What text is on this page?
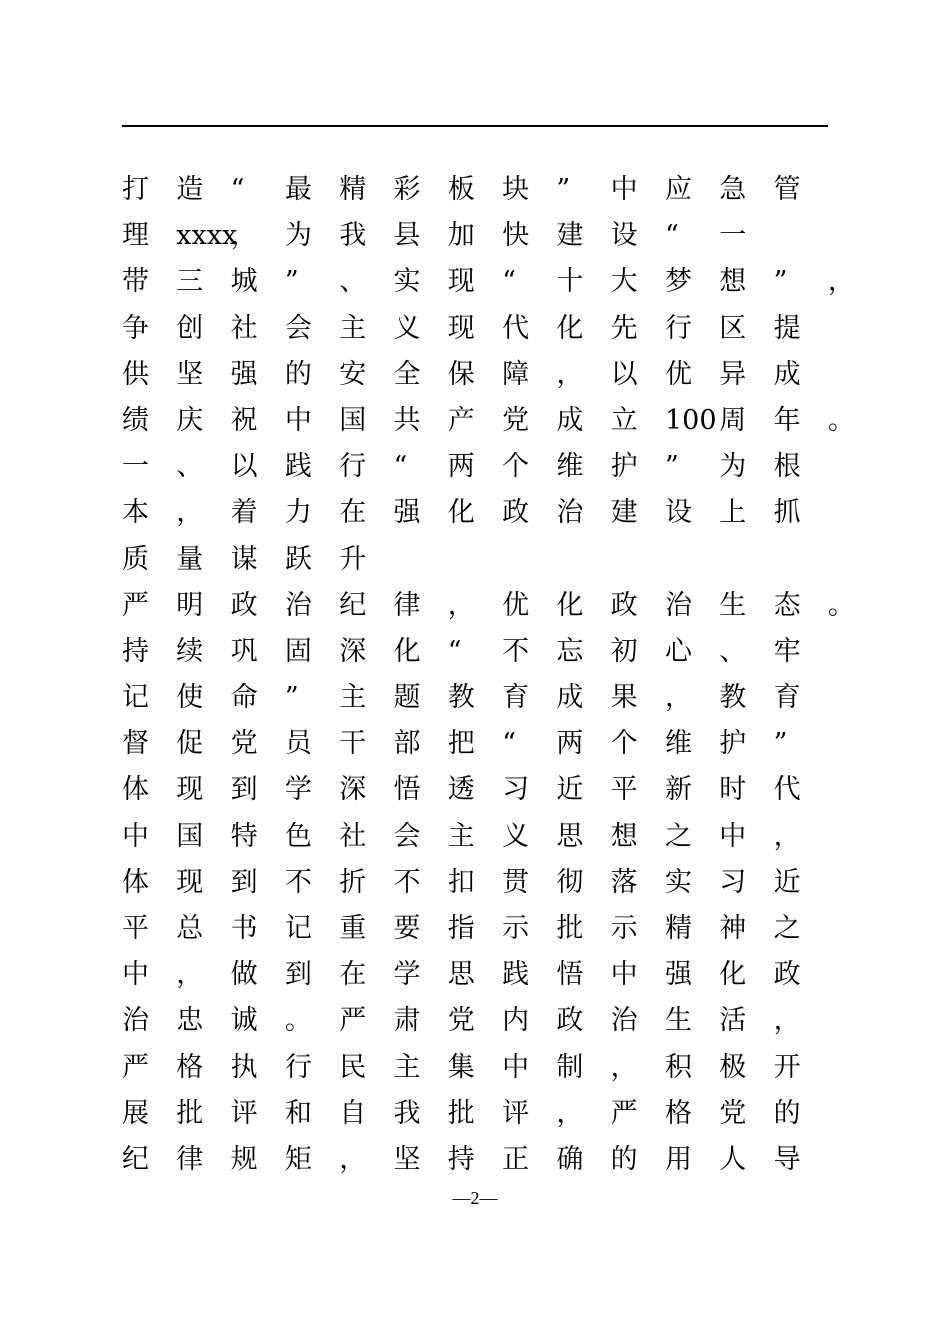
打 造 “ 最 精 彩 板 块 ” 中 应 急 管
理 xxxx， 为 我 县 加 快 建 设 “ 一
带 三 城 ” 、 实 现 “ 十 大 梦 想 ” ，
争 创 社 会 主 义 现 代 化 先 行 区 提
供 坚 强 的 安 全 保 障 ， 以 优 异 成
绩 庆 祝 中 国 共 产 党 成 立 100 周 年 。
一 、 以 践 行 “ 两 个 维 护 ” 为 根
本 ， 着 力 在 强 化 政 治 建 设 上 抓
质 量 谋 跃 升
严 明 政 治 纪 律 ， 优 化 政 治 生 态 。
持 续 巩 固 深 化 “ 不 忘 初 心 、 牢
记 使 命 ” 主 题 教 育 成 果 ， 教 育
督 促 党 员 干 部 把 “ 两 个 维 护 ”
体 现 到 学 深 悟 透 习 近 平 新 时 代
中 国 特 色 社 会 主 义 思 想 之 中 ，
体 现 到 不 折 不 扣 贯 彻 落 实 习 近
平 总 书 记 重 要 指 示 批 示 精 神 之
中 ， 做 到 在 学 思 践 悟 中 强 化 政
治 忠 诚 。 严 肃 党 内 政 治 生 活 ，
严 格 执 行 民 主 集 中 制 ， 积 极 开
展 批 评 和 自 我 批 评 ， 严 格 党 的
纪 律 规 矩 ， 坚 持 正 确 的 用 人 导
—2—
